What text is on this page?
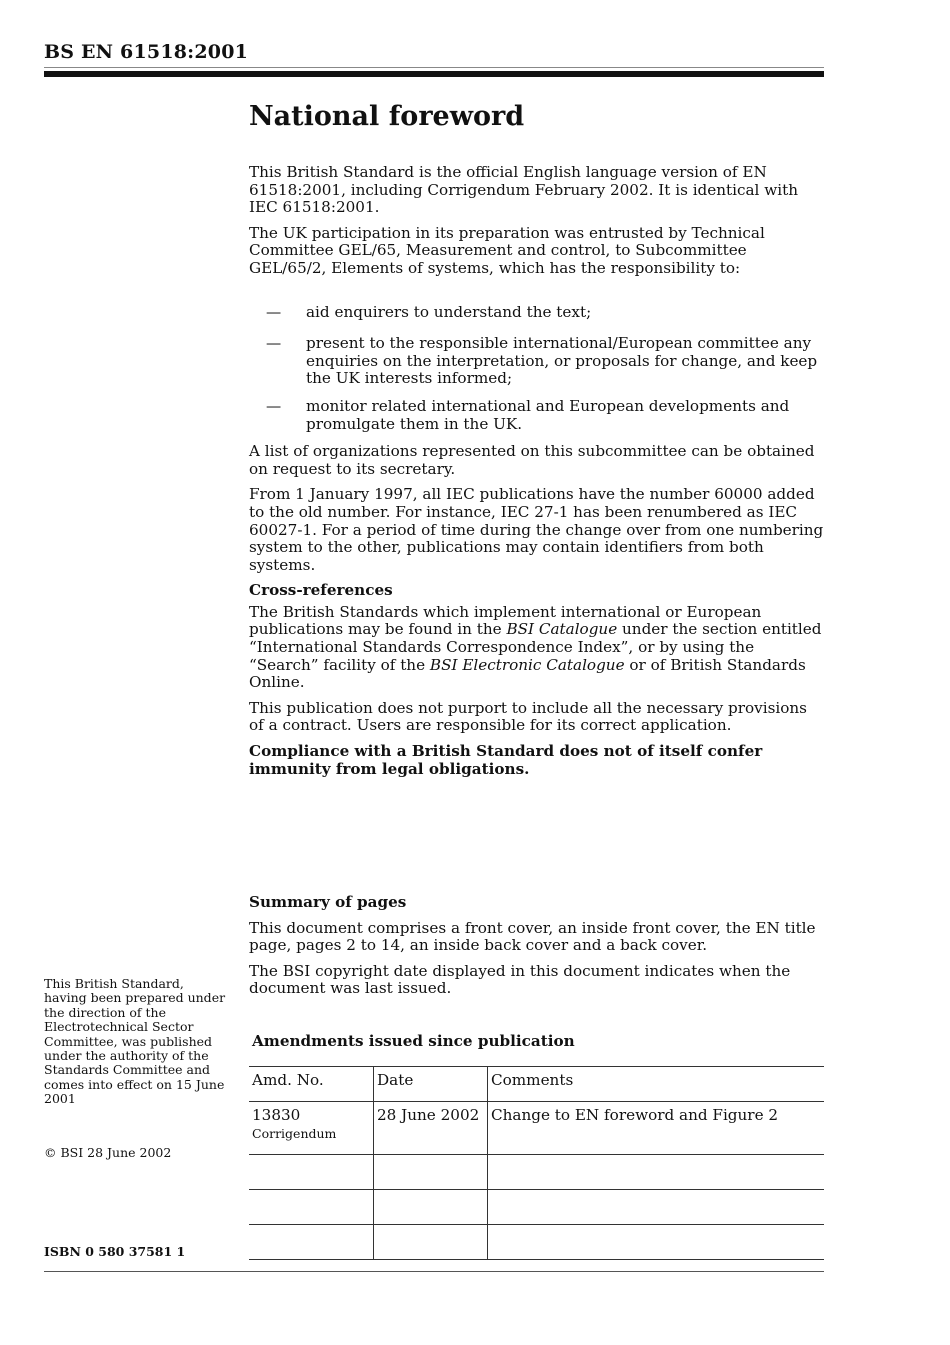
BS EN 61518:2001
National foreword

This British Standard is the official English language version of EN 61518:2001, including Corrigendum February 2002. It is identical with IEC 61518:2001.

The UK participation in its preparation was entrusted by Technical Committee GEL/65, Measurement and control, to Subcommittee GEL/65/2, Elements of systems, which has the responsibility to:

— aid enquirers to understand the text;
— present to the responsible international/European committee any enquiries on the interpretation, or proposals for change, and keep the UK interests informed;
— monitor related international and European developments and promulgate them in the UK.

A list of organizations represented on this subcommittee can be obtained on request to its secretary.

From 1 January 1997, all IEC publications have the number 60000 added to the old number. For instance, IEC 27-1 has been renumbered as IEC 60027-1. For a period of time during the change over from one numbering system to the other, publications may contain identifiers from both systems.

Cross-references

The British Standards which implement international or European publications may be found in the BSI Catalogue under the section entitled “International Standards Correspondence Index”, or by using the “Search” facility of the BSI Electronic Catalogue or of British Standards Online.

This publication does not purport to include all the necessary provisions of a contract. Users are responsible for its correct application.

Compliance with a British Standard does not of itself confer immunity from legal obligations.

Summary of pages

This document comprises a front cover, an inside front cover, the EN title page, pages 2 to 14, an inside back cover and a back cover.

The BSI copyright date displayed in this document indicates when the document was last issued.

This British Standard, having been prepared under the direction of the Electrotechnical Sector Committee, was published under the authority of the Standards Committee and comes into effect on 15 June 2001
© BSI 28 June 2002
ISBN 0 580 37581 1
Amendments issued since publication
Amd. No.	Date	Comments
13830
Corrigendum	28 June 2002	Change to EN foreword and Figure 2
